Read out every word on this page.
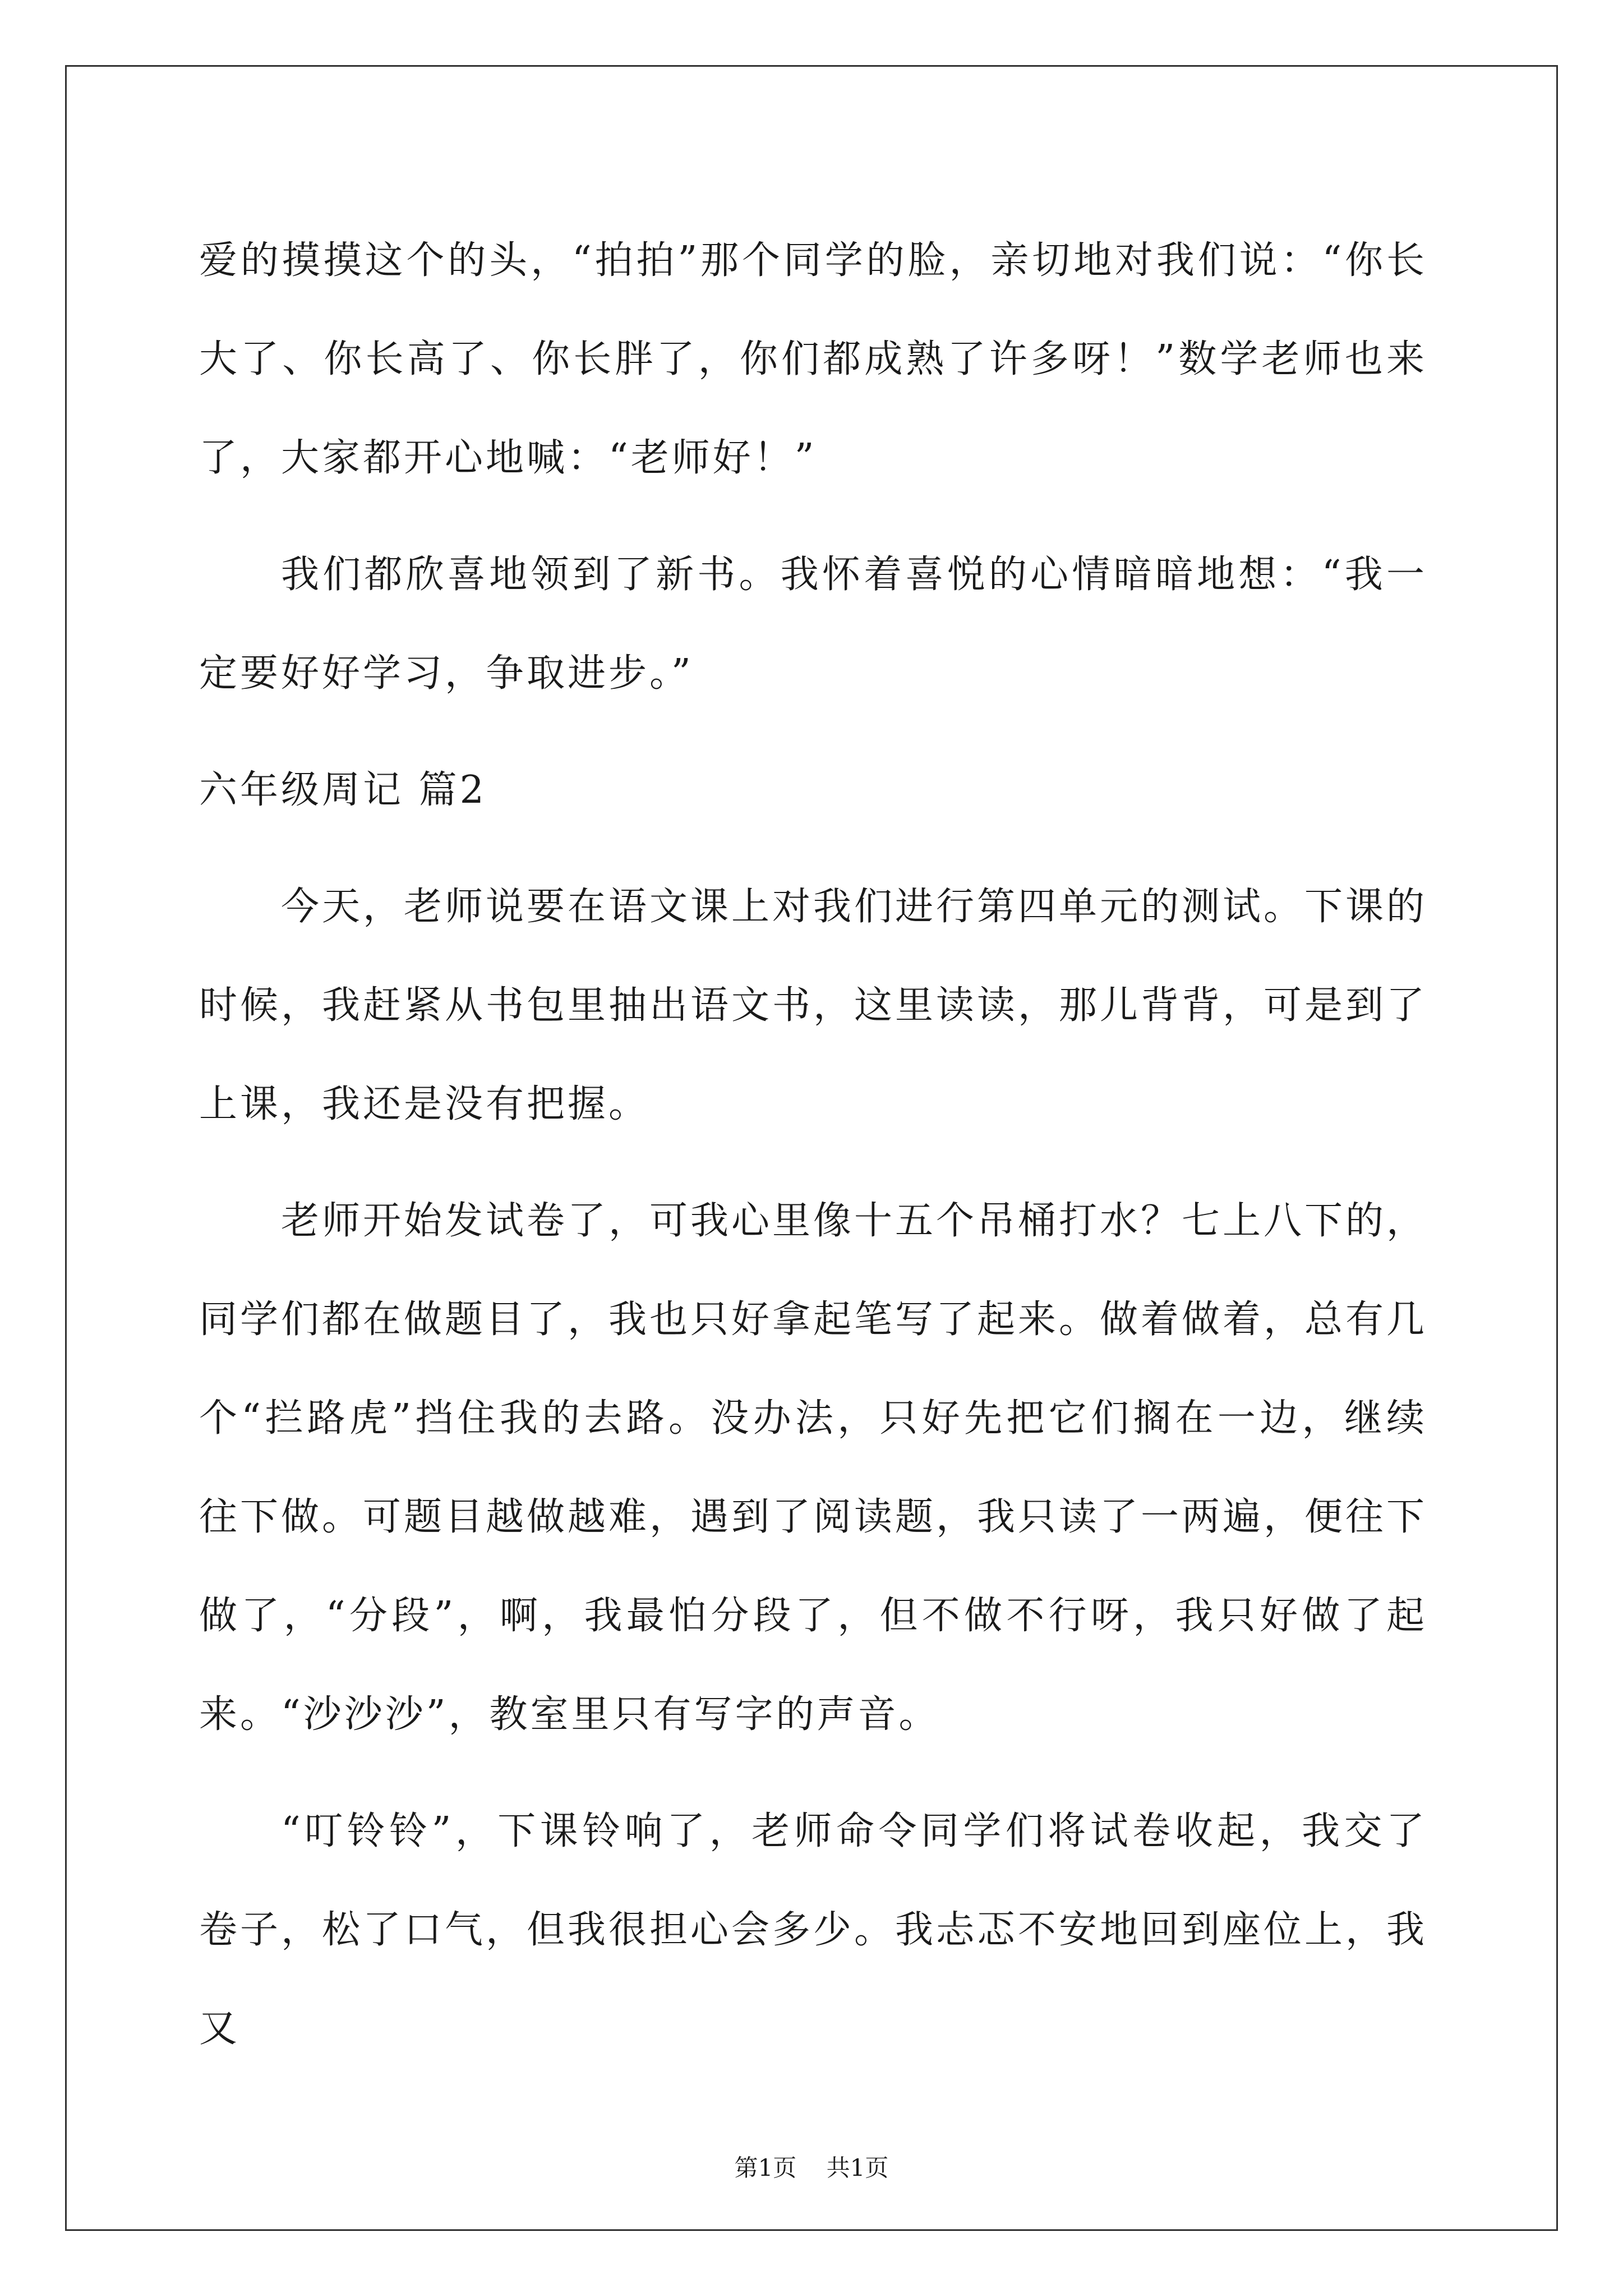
爱的摸摸这个的头，“拍拍”那个同学的脸，亲切地对我们说：“你长大了、你长高了、你长胖了，你们都成熟了许多呀！”数学老师也来了，大家都开心地喊：“老师好！”

我们都欣喜地领到了新书。我怀着喜悦的心情暗暗地想：“我一定要好好学习，争取进步。”

六年级周记 篇2

今天，老师说要在语文课上对我们进行第四单元的测试。下课的时候，我赶紧从书包里抽出语文书，这里读读，那儿背背，可是到了上课，我还是没有把握。

老师开始发试卷了，可我心里像十五个吊桶打水？七上八下的，同学们都在做题目了，我也只好拿起笔写了起来。做着做着，总有几个“拦路虎”挡住我的去路。没办法，只好先把它们搁在一边，继续往下做。可题目越做越难，遇到了阅读题，我只读了一两遍，便往下做了，“分段”，啊，我最怕分段了，但不做不行呀，我只好做了起来。“沙沙沙”，教室里只有写字的声音。

“叮铃铃”，下课铃响了，老师命令同学们将试卷收起，我交了卷子，松了口气，但我很担心会多少。我忐忑不安地回到座位上，我又

第1页 共1页
